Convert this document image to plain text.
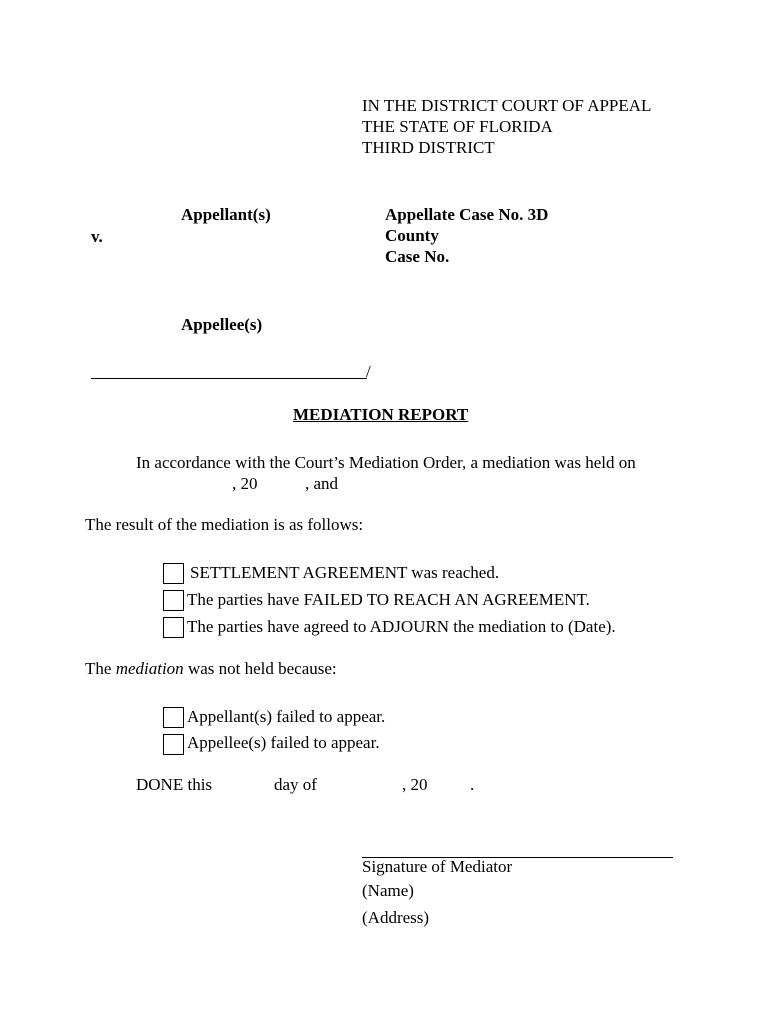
IN THE DISTRICT COURT OF APPEAL
THE STATE OF FLORIDA
THIRD DISTRICT
Appellant(s)
v.
Appellee(s)
Appellate Case No. 3D
County
Case No.
/
MEDIATION REPORT
In accordance with the Court’s Mediation Order, a mediation was held on
, 20	, and
The result of the mediation is as follows:
SETTLEMENT AGREEMENT was reached.
The parties have FAILED TO REACH AN AGREEMENT.
The parties have agreed to ADJOURN the mediation to (Date).
The mediation was not held because:
Appellant(s) failed to appear.
Appellee(s) failed to appear.
DONE this	day of	, 20	.
Signature of Mediator
(Name)
(Address)
